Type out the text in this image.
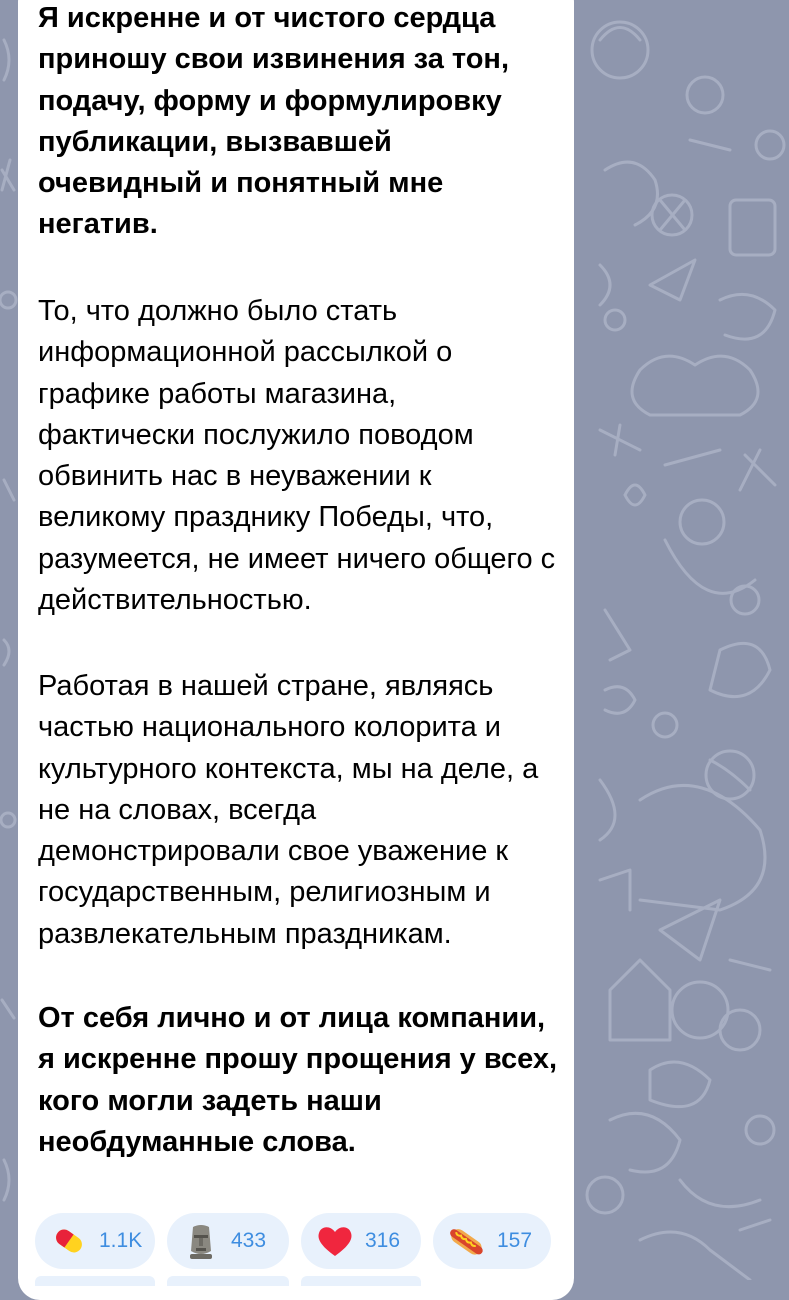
Я искренне и от чистого сердца приношу свои извинения за тон, подачу, форму и формулировку публикации, вызвавшей очевидный и понятный мне негатив.

То, что должно было стать информационной рассылкой о графике работы магазина, фактически послужило поводом обвинить нас в неуважении к великому празднику Победы, что, разумеется, не имеет ничего общего с действительностью.

Работая в нашей стране, являясь частью национального колорита и культурного контекста, мы на деле, а не на словах, всегда демонстрировали свое уважение к государственным, религиозным и развлекательным праздникам.

От себя лично и от лица компании, я искренне прошу прощения у всех, кого могли задеть наши необдуманные слова.

1.1K	433	316	157
